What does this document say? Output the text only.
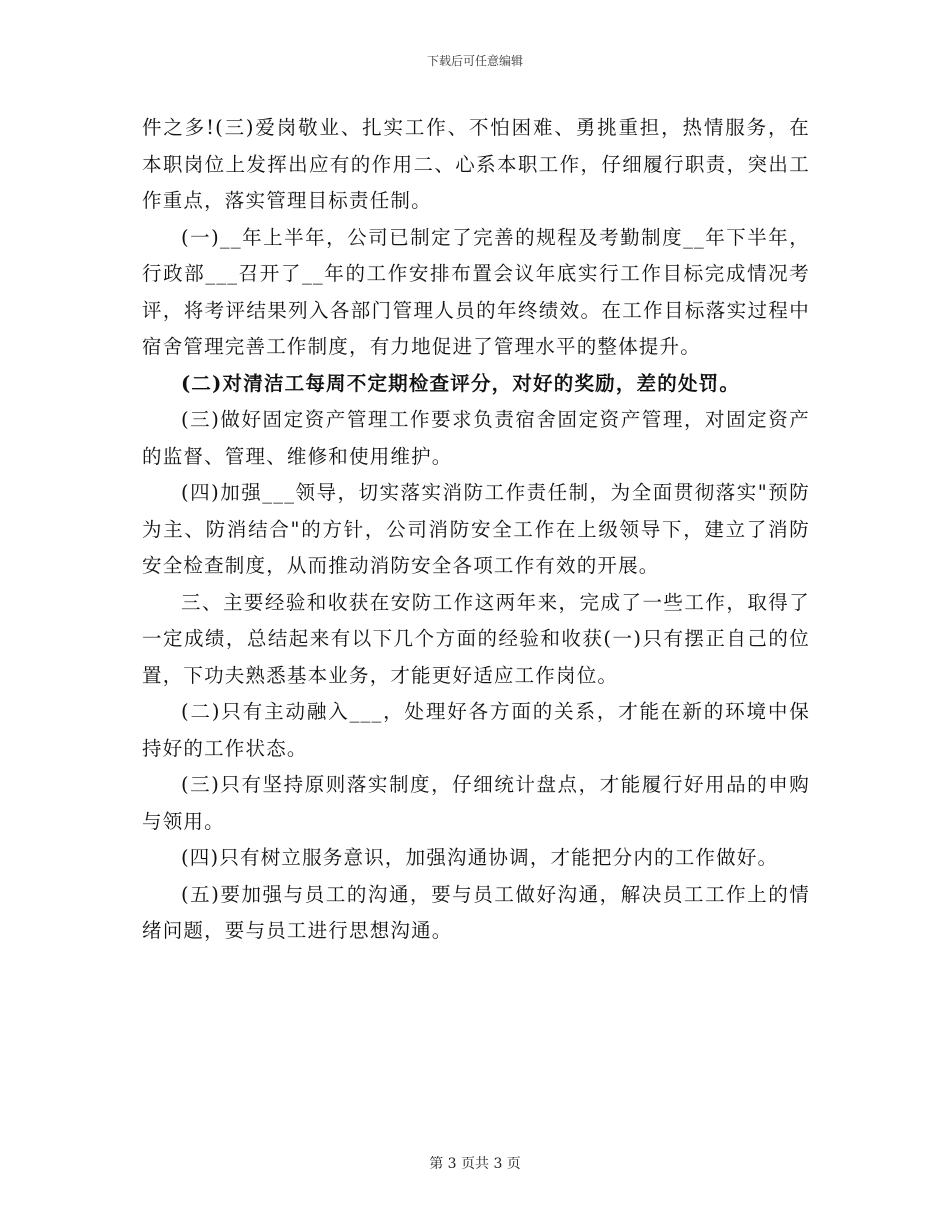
下载后可任意编辑

件之多!(三)爱岗敬业、扎实工作、不怕困难、勇挑重担，热情服务，在本职岗位上发挥出应有的作用二、心系本职工作，仔细履行职责，突出工作重点，落实管理目标责任制。

(一)__年上半年，公司已制定了完善的规程及考勤制度__年下半年，行政部___召开了__年的工作安排布置会议年底实行工作目标完成情况考评，将考评结果列入各部门管理人员的年终绩效。在工作目标落实过程中宿舍管理完善工作制度，有力地促进了管理水平的整体提升。

(二)对清洁工每周不定期检查评分，对好的奖励，差的处罚。

(三)做好固定资产管理工作要求负责宿舍固定资产管理，对固定资产的监督、管理、维修和使用维护。

(四)加强___领导，切实落实消防工作责任制，为全面贯彻落实"预防为主、防消结合"的方针，公司消防安全工作在上级领导下，建立了消防安全检查制度，从而推动消防安全各项工作有效的开展。

三、主要经验和收获在安防工作这两年来，完成了一些工作，取得了一定成绩，总结起来有以下几个方面的经验和收获(一)只有摆正自己的位置，下功夫熟悉基本业务，才能更好适应工作岗位。

(二)只有主动融入___，处理好各方面的关系，才能在新的环境中保持好的工作状态。

(三)只有坚持原则落实制度，仔细统计盘点，才能履行好用品的申购与领用。

(四)只有树立服务意识，加强沟通协调，才能把分内的工作做好。

(五)要加强与员工的沟通，要与员工做好沟通，解决员工工作上的情绪问题，要与员工进行思想沟通。

第 3 页共 3 页
